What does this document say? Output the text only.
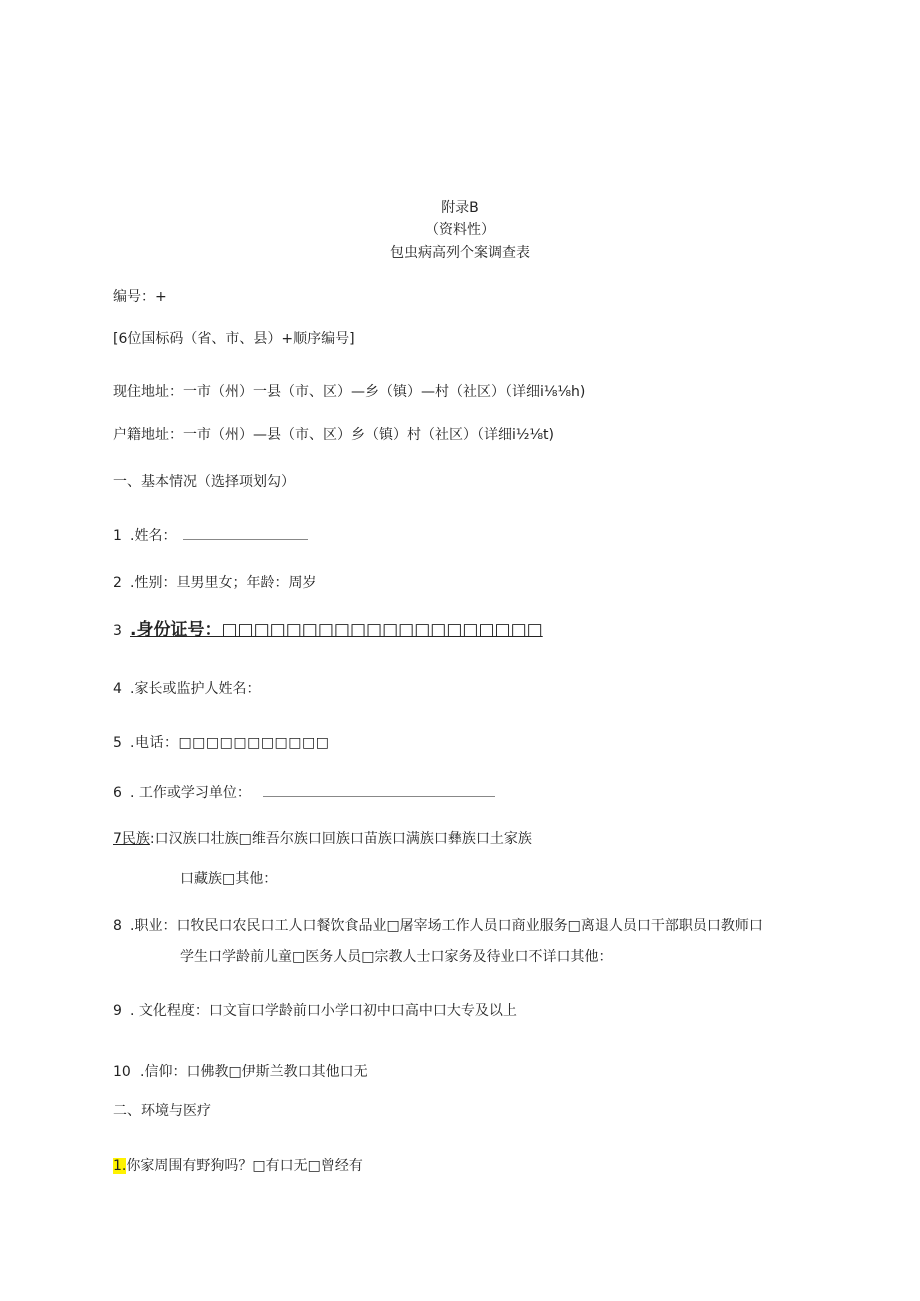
附录B
（资料性）
包虫病高列个案调查表
编号：+
[6位国标码（省、市、县）+顺序编号]
现住地址：一市（州）一县（市、区）—乡（镇）—村（社区）（详细i⅛⅛h)
户籍地址：一市（州）—县（市、区）乡（镇）村（社区）（详细i½⅛t)
一、基本情况（选择项划勾）
1 .姓名：
2 .性别：旦男里女；年龄：周岁
3 .身份证号：□□□□□□□□□□□□□□□□□□□□
4 .家长或监护人姓名：
5 .电话：□□□□□□□□□□□
6 . 工作或学习单位：
7民族:口汉族口壮族□维吾尔族口回族口苗族口满族口彝族口土家族
口藏族□其他：
8 .职业：口牧民口农民口工人口餐饮食品业□屠宰场工作人员口商业服务□离退人员口干部职员口教师口
学生口学龄前儿童□医务人员□宗教人士口家务及待业口不详口其他：
9 . 文化程度：口文盲口学龄前口小学口初中口高中口大专及以上
10 .信仰：口佛教□伊斯兰教口其他口无
二、环境与医疗
1.你家周围有野狗吗？□有口无□曾经有
